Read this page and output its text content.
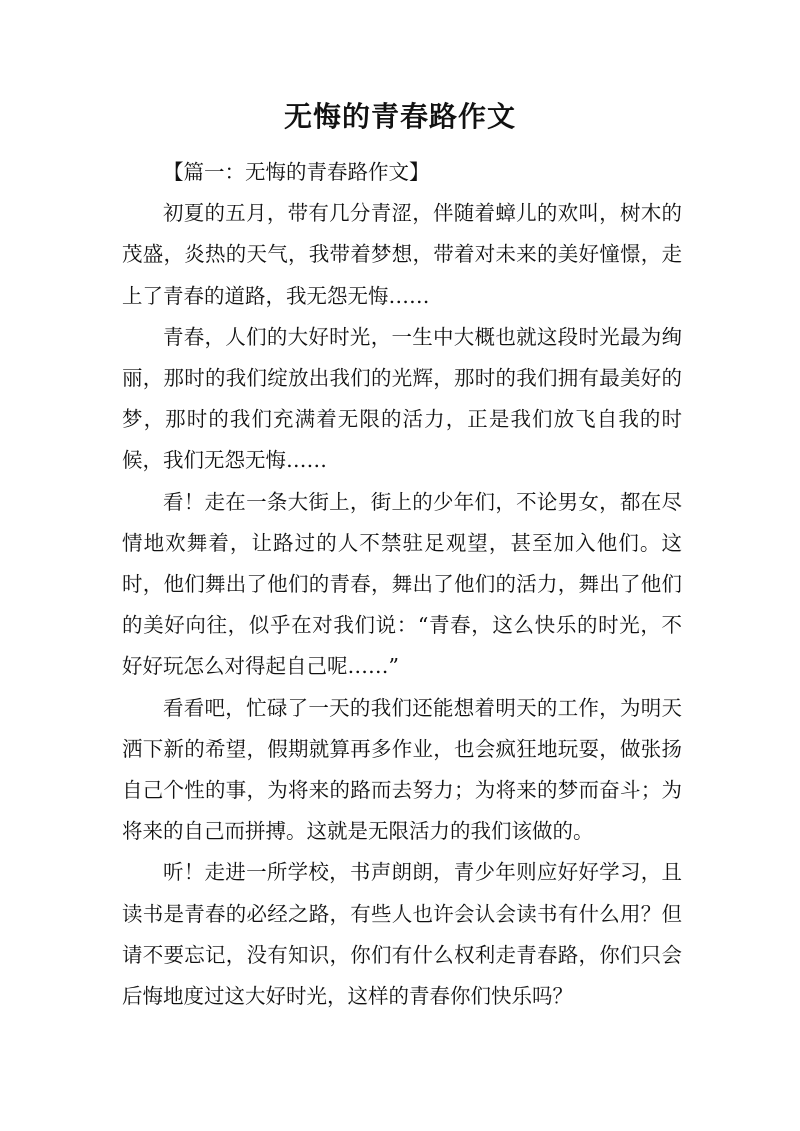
无悔的青春路作文

【篇一：无悔的青春路作文】

初夏的五月，带有几分青涩，伴随着蟑儿的欢叫，树木的茂盛，炎热的天气，我带着梦想，带着对未来的美好憧憬，走上了青春的道路，我无怨无悔……

青春，人们的大好时光，一生中大概也就这段时光最为绚丽，那时的我们绽放出我们的光辉，那时的我们拥有最美好的梦，那时的我们充满着无限的活力，正是我们放飞自我的时候，我们无怨无悔……

看！走在一条大街上，街上的少年们，不论男女，都在尽情地欢舞着，让路过的人不禁驻足观望，甚至加入他们。这时，他们舞出了他们的青春，舞出了他们的活力，舞出了他们的美好向往，似乎在对我们说：“青春，这么快乐的时光，不好好玩怎么对得起自己呢……”

看看吧，忙碌了一天的我们还能想着明天的工作，为明天洒下新的希望，假期就算再多作业，也会疯狂地玩耍，做张扬自己个性的事，为将来的路而去努力；为将来的梦而奋斗；为将来的自己而拼搏。这就是无限活力的我们该做的。

听！走进一所学校，书声朗朗，青少年则应好好学习，且读书是青春的必经之路，有些人也许会认会读书有什么用？但请不要忘记，没有知识，你们有什么权利走青春路，你们只会后悔地度过这大好时光，这样的青春你们快乐吗？
